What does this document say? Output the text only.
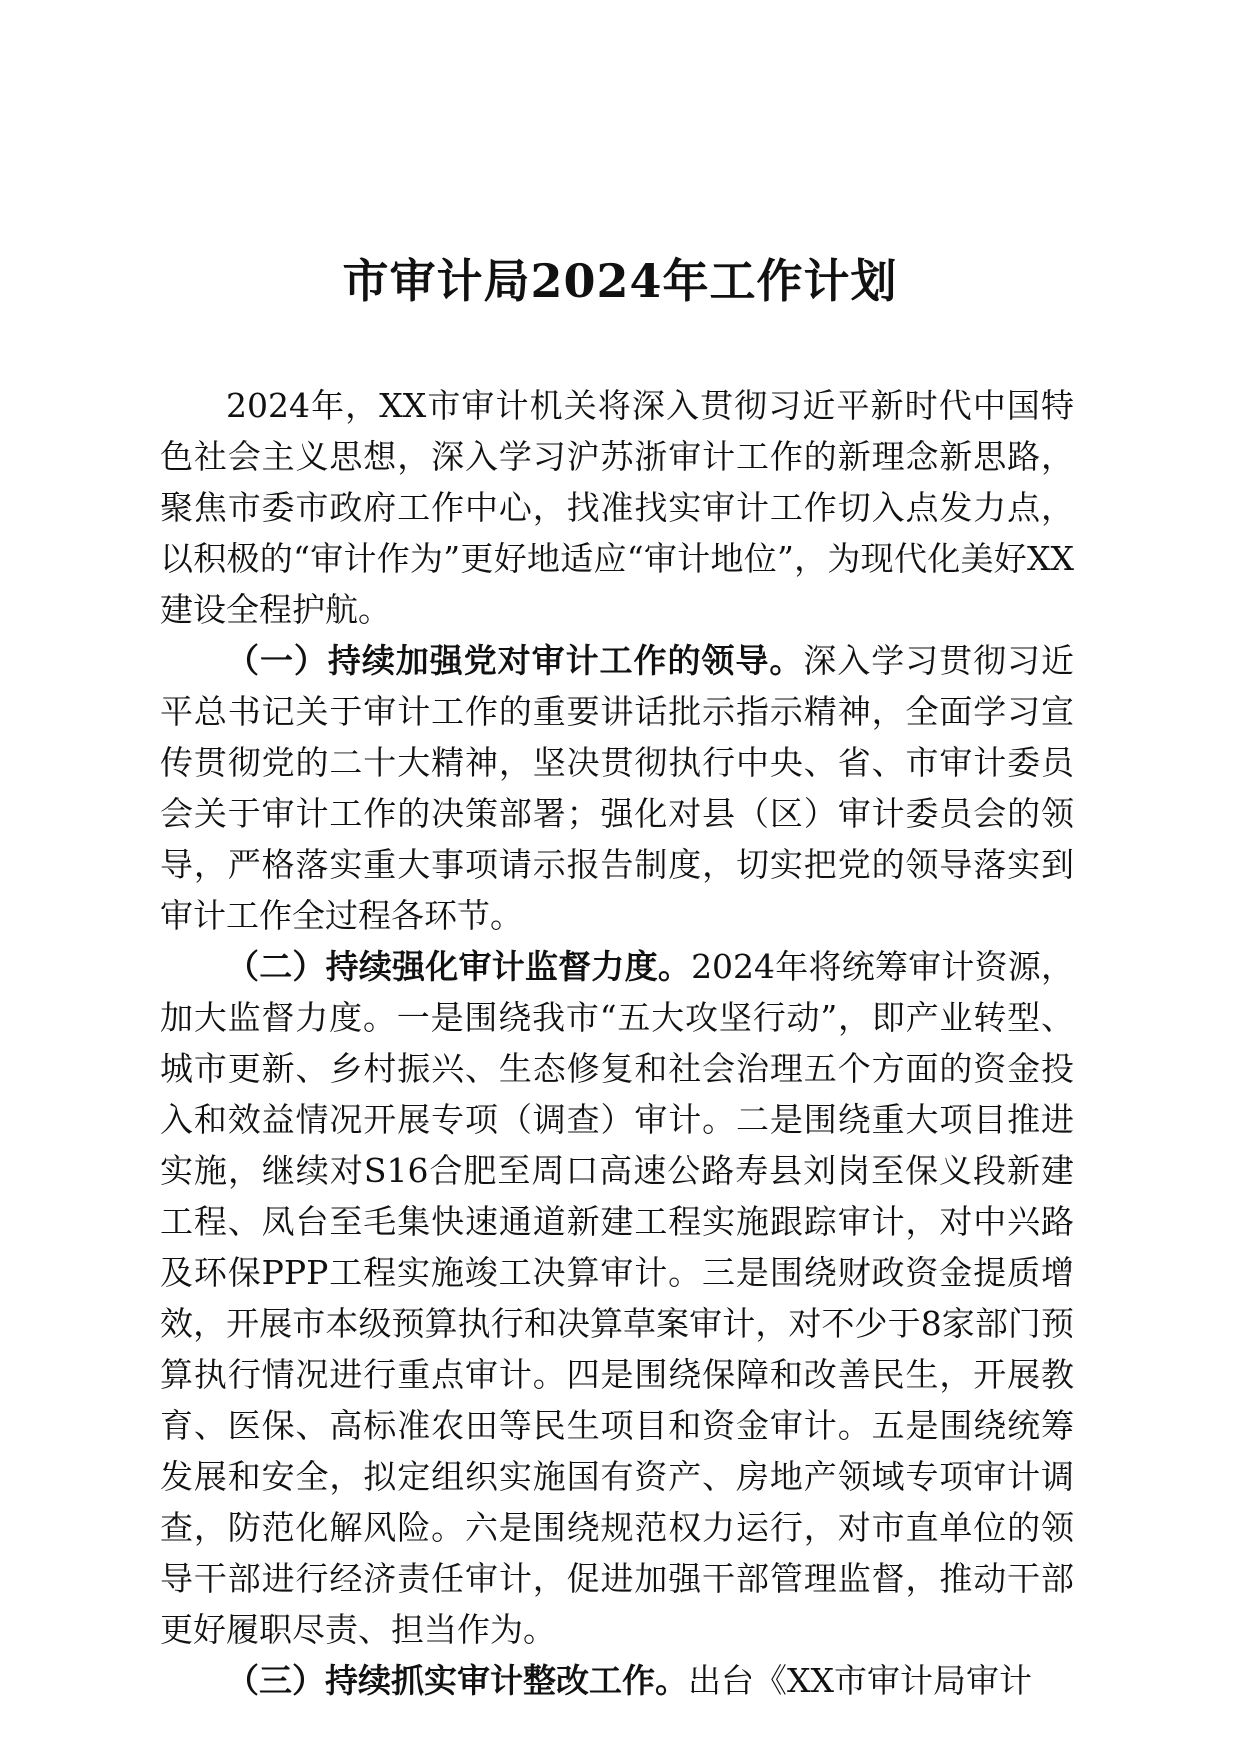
市审计局2024年工作计划

2024年，XX市审计机关将深入贯彻习近平新时代中国特色社会主义思想，深入学习沪苏浙审计工作的新理念新思路，聚焦市委市政府工作中心，找准找实审计工作切入点发力点，以积极的“审计作为”更好地适应“审计地位”，为现代化美好XX建设全程护航。

（一）持续加强党对审计工作的领导。深入学习贯彻习近平总书记关于审计工作的重要讲话批示指示精神，全面学习宣传贯彻党的二十大精神，坚决贯彻执行中央、省、市审计委员会关于审计工作的决策部署；强化对县（区）审计委员会的领导，严格落实重大事项请示报告制度，切实把党的领导落实到审计工作全过程各环节。

（二）持续强化审计监督力度。2024年将统筹审计资源，加大监督力度。一是围绕我市“五大攻坚行动”，即产业转型、城市更新、乡村振兴、生态修复和社会治理五个方面的资金投入和效益情况开展专项（调查）审计。二是围绕重大项目推进实施，继续对S16合肥至周口高速公路寿县刘岗至保义段新建工程、凤台至毛集快速通道新建工程实施跟踪审计，对中兴路及环保PPP工程实施竣工决算审计。三是围绕财政资金提质增效，开展市本级预算执行和决算草案审计，对不少于8家部门预算执行情况进行重点审计。四是围绕保障和改善民生，开展教育、医保、高标准农田等民生项目和资金审计。五是围绕统筹发展和安全，拟定组织实施国有资产、房地产领域专项审计调查，防范化解风险。六是围绕规范权力运行，对市直单位的领导干部进行经济责任审计，促进加强干部管理监督，推动干部更好履职尽责、担当作为。

（三）持续抓实审计整改工作。出台《XX市审计局审计
